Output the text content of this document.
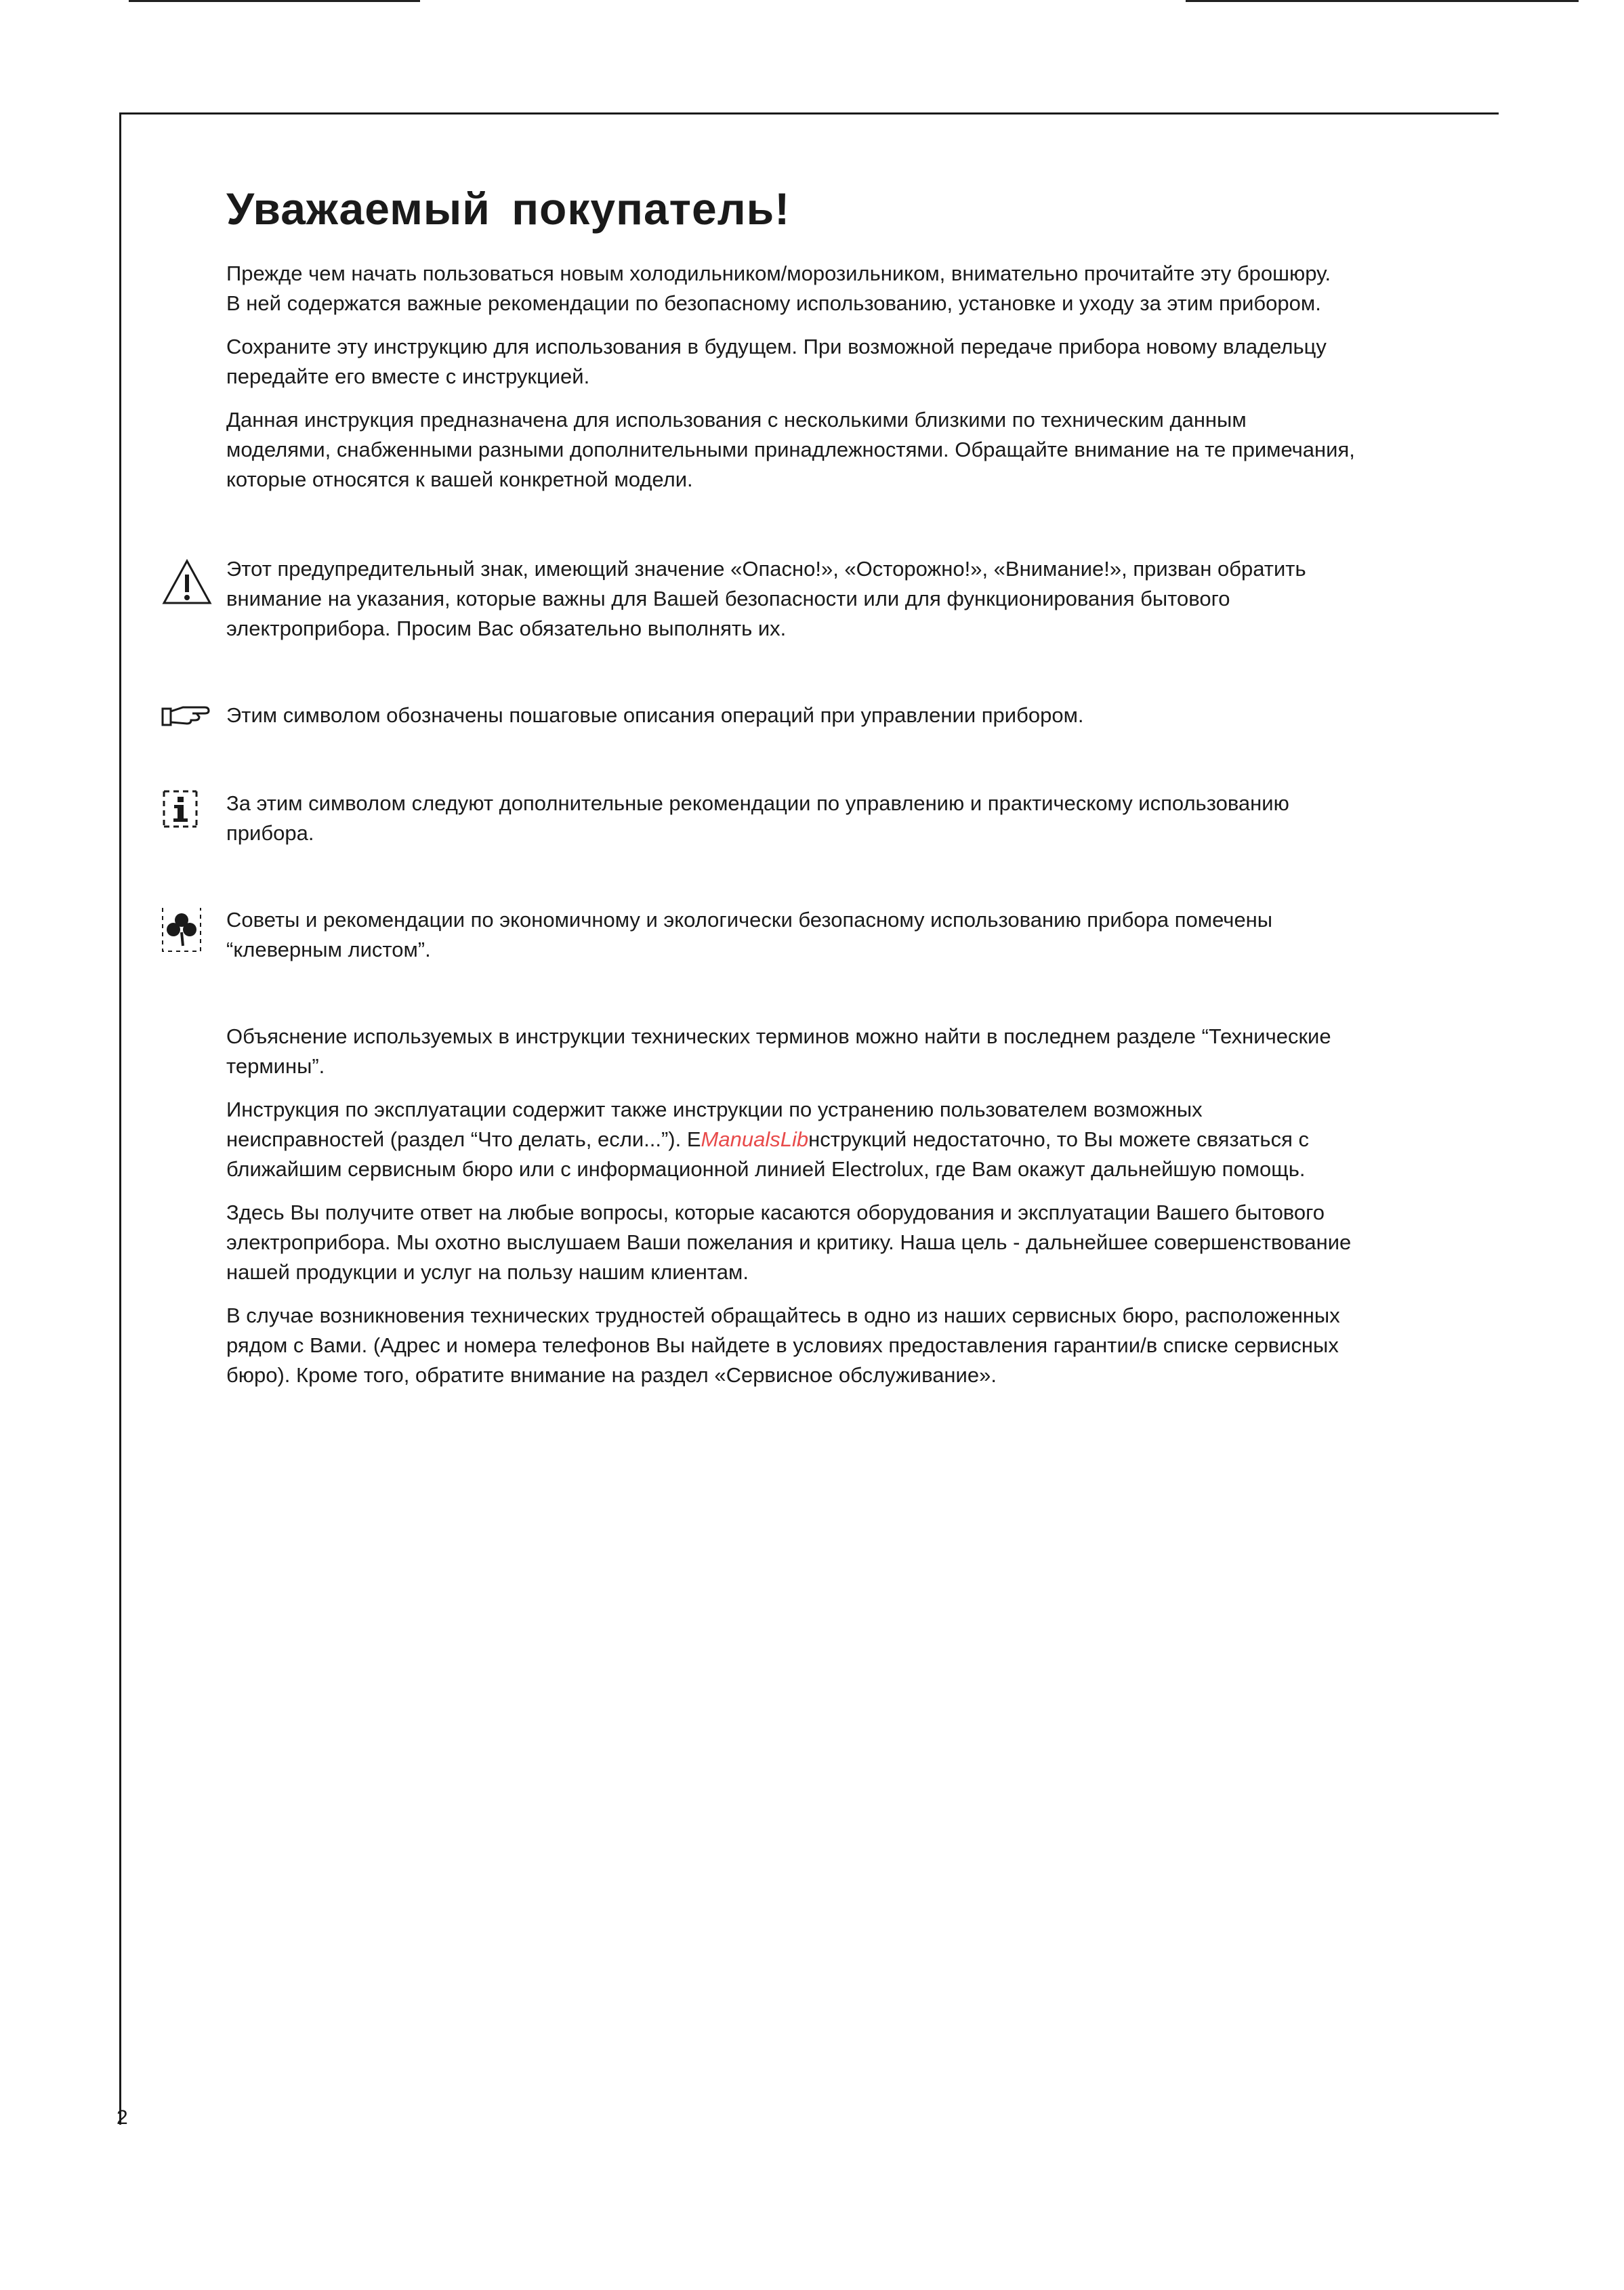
Уважаемый покупатель!

Прежде чем начать пользоваться новым холодильником/морозильником, внимательно прочитайте эту брошюру.
В ней содержатся важные рекомендации по безопасному использованию, установке и уходу за этим прибором.

Сохраните эту инструкцию для использования в будущем. При возможной передаче прибора новому владельцу
передайте его вместе с инструкцией.

Данная инструкция предназначена для использования с несколькими близкими по техническим данным
моделями, снабженными разными дополнительными принадлежностями. Обращайте внимание на те примечания,
которые относятся к вашей конкретной модели.

Этот предупредительный знак, имеющий значение «Опасно!», «Осторожно!», «Внимание!», призван обратить
внимание на указания, которые важны для Вашей безопасности или для функционирования бытового
электроприбора. Просим Вас обязательно выполнять их.

Этим символом обозначены пошаговые описания операций при управлении прибором.

За этим символом следуют дополнительные рекомендации по управлению и практическому использованию
прибора.

Советы и рекомендации по экономичному и экологически безопасному использованию прибора помечены
“клеверным листом”.

Объяснение используемых в инструкции технических терминов можно найти в последнем разделе “Технические
термины”.

Инструкция по эксплуатации содержит также инструкции по устранению пользователем возможных
неисправностей (раздел “Что делать, если...”). ЕManualsLibнструкций недостаточно, то Вы можете связаться с
ближайшим сервисным бюро или с информационной линией Electrolux, где Вам окажут дальнейшую помощь.

Здесь Вы получите ответ на любые вопросы, которые касаются оборудования и эксплуатации Вашего бытового
электроприбора. Мы охотно выслушаем Ваши пожелания и критику. Наша цель - дальнейшее совершенствование
нашей продукции и услуг на пользу нашим клиентам.

В случае возникновения технических трудностей обращайтесь в одно из наших сервисных бюро, расположенных
рядом с Вами. (Адрес и номера телефонов Вы найдете в условиях предоставления гарантии/в списке сервисных
бюро). Кроме того, обратите внимание на раздел «Сервисное обслуживание».

2
